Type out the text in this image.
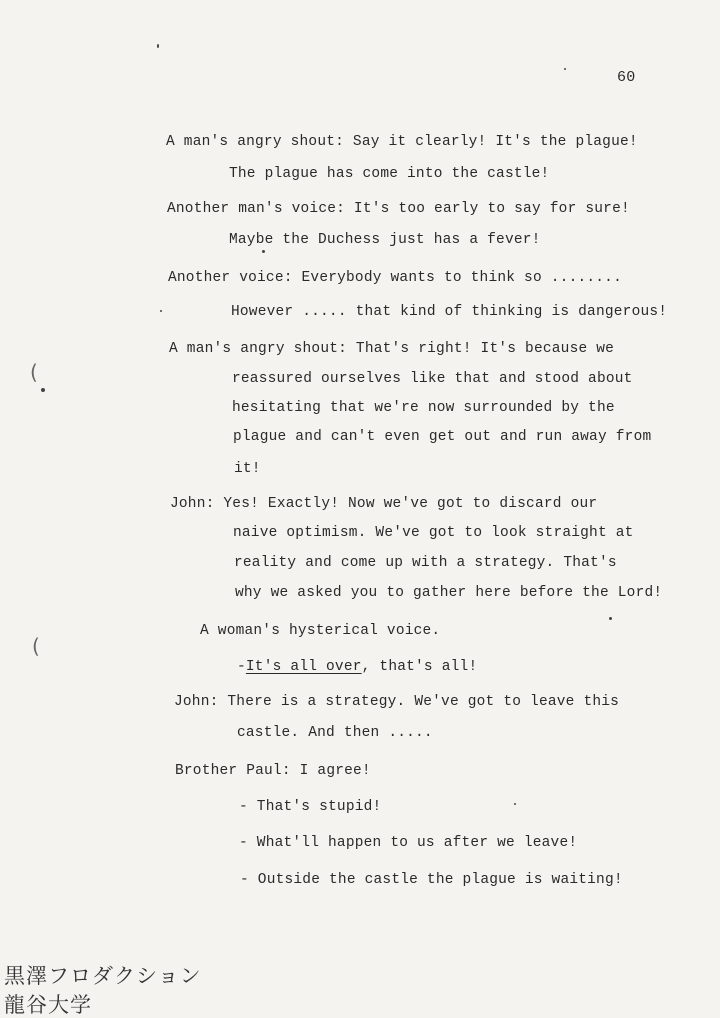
60
A man's angry shout: Say it clearly! It's the plague!
The plague has come into the castle!
Another man's voice: It's too early to say for sure!
Maybe the Duchess just has a fever!
Another voice: Everybody wants to think so ........
However ..... that kind of thinking is dangerous!
A man's angry shout: That's right! It's because we
reassured ourselves like that and stood about
hesitating that we're now surrounded by the
plague and can't even get out and run away from
it!
John: Yes! Exactly! Now we've got to discard our
naive optimism. We've got to look straight at
reality and come up with a strategy. That's
why we asked you to gather here before the Lord!
A woman's hysterical voice.
-It's all over, that's all!
John: There is a strategy. We've got to leave this
castle. And then .....
Brother Paul: I agree!
- That's stupid!
- What'll happen to us after we leave!
- Outside the castle the plague is waiting!
(
(
黒澤フロダクション
龍谷大学
